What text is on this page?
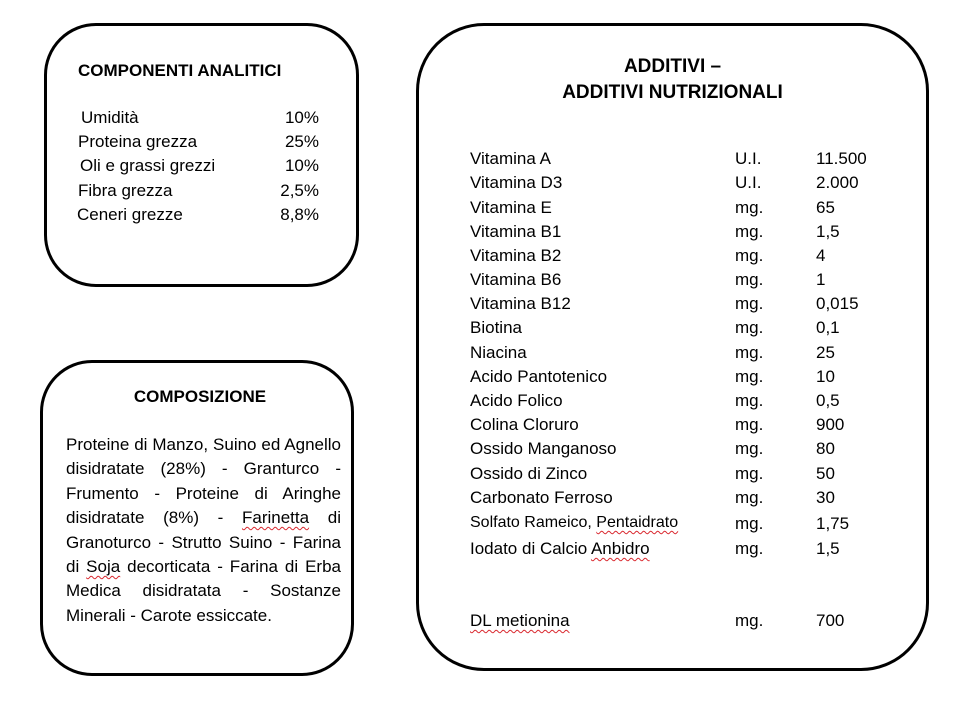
COMPONENTI ANALITICI
Umidità	10%
Proteina grezza	25%
Oli e grassi grezzi	10%
Fibra grezza	2,5%
Ceneri grezze	8,8%
COMPOSIZIONE
Proteine di Manzo, Suino ed Agnello disidratate (28%) - Granturco - Frumento - Proteine di Aringhe disidratate (8%) - Farinetta di Granoturco - Strutto Suino - Farina di Soja decorticata - Farina di Erba Medica disidratata - Sostanze Minerali - Carote essiccate.
ADDITIVI –
ADDITIVI NUTRIZIONALI
Vitamina A	U.I.	11.500
Vitamina D3	U.I.	2.000
Vitamina E	mg.	65
Vitamina B1	mg.	1,5
Vitamina B2	mg.	4
Vitamina B6	mg.	1
Vitamina B12	mg.	0,015
Biotina	mg.	0,1
Niacina	mg.	25
Acido Pantotenico	mg.	10
Acido Folico	mg.	0,5
Colina Cloruro	mg.	900
Ossido Manganoso	mg.	80
Ossido di Zinco	mg.	50
Carbonato Ferroso	mg.	30
Solfato Rameico, Pentaidrato	mg.	1,75
Iodato di Calcio Anbidro	mg.	1,5
DL metionina	mg.	700
